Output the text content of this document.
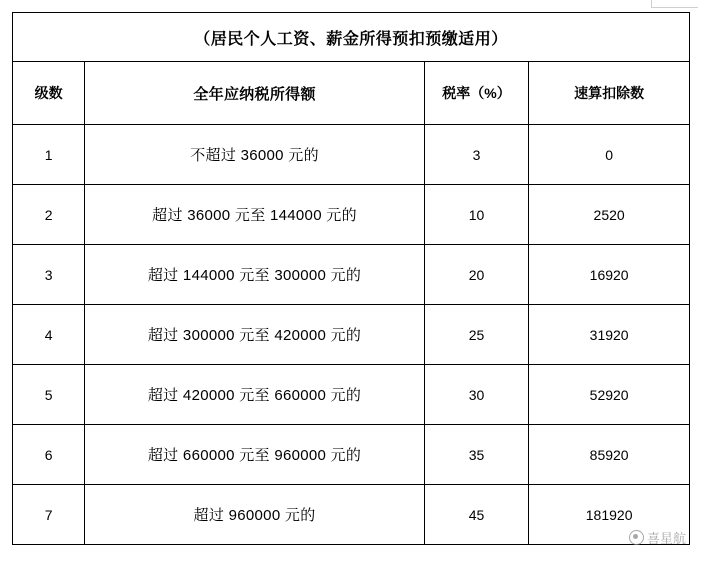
（居民个人工资、薪金所得预扣预缴适用）			
级数	全年应纳税所得额	税率（%）	速算扣除数
1	不超过 36000 元的	3	0
2	超过 36000 元至 144000 元的	10	2520
3	超过 144000 元至 300000 元的	20	16920
4	超过 300000 元至 420000 元的	25	31920
5	超过 420000 元至 660000 元的	30	52920
6	超过 660000 元至 960000 元的	35	85920
7	超过 960000 元的	45	181920
喜星航
